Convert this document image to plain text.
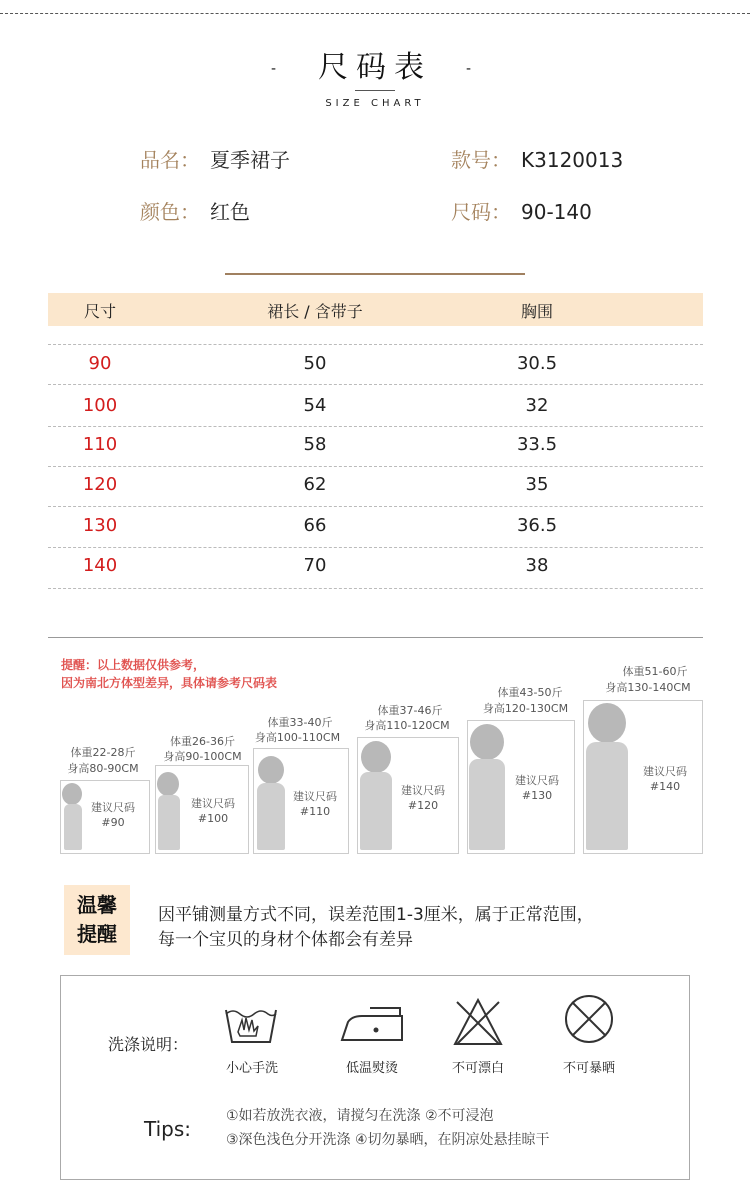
- 尺码表 -
SIZE CHART
品名： 夏季裙子	款号： K3120013
颜色： 红色	尺码： 90-140
尺寸	裙长 / 含带子	胸围
90	50	30.5
100	54	32
110	58	33.5
120	62	35
130	66	36.5
140	70	38
提醒：以上数据仅供参考，
因为南北方体型差异，具体请参考尺码表
体重22-28斤
身高80-90CM
建议尺码
#90
体重26-36斤
身高90-100CM
建议尺码
#100
体重33-40斤
身高100-110CM
建议尺码
#110
体重37-46斤
身高110-120CM
建议尺码
#120
体重43-50斤
身高120-130CM
建议尺码
#130
体重51-60斤
身高130-140CM
建议尺码
#140
温馨
提醒
因平铺测量方式不同，误差范围1-3厘米，属于正常范围，
每一个宝贝的身材个体都会有差异
洗涤说明：
小心手洗	低温熨烫	不可漂白	不可暴晒
Tips:
①如若放洗衣液，请搅匀在洗涤 ②不可浸泡
③深色浅色分开洗涤 ④切勿暴晒，在阴凉处悬挂晾干
